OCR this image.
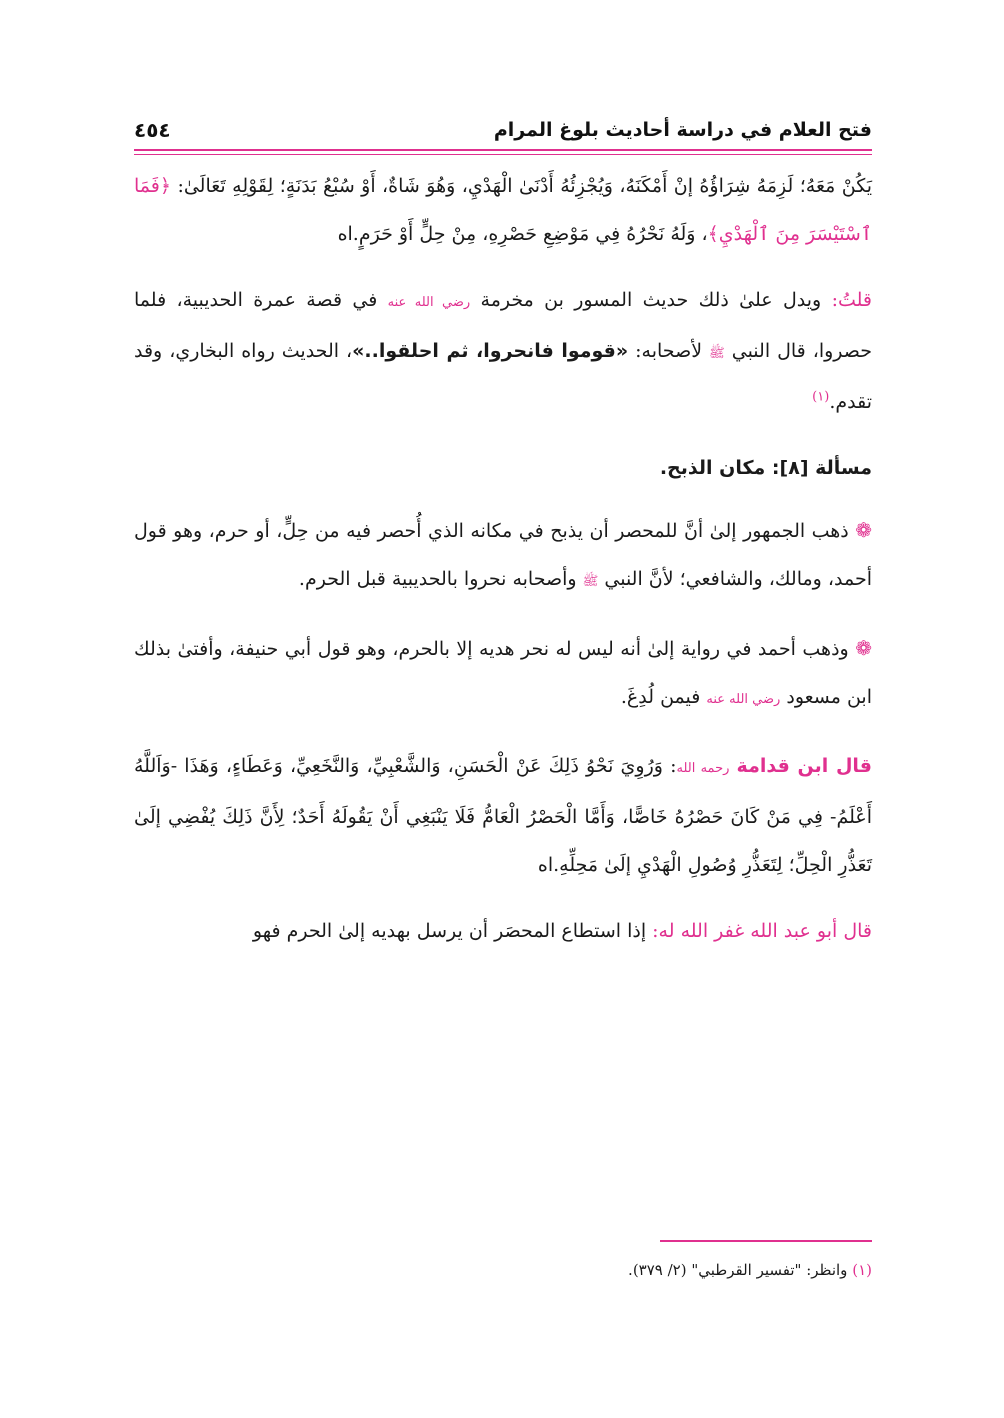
فتح العلام في دراسة أحاديث بلوغ المرام
٤٥٤

يَكُنْ مَعَهُ؛ لَزِمَهُ شِرَاؤُهُ إنْ أَمْكَنَهُ، وَيُجْزِئُهُ أَدْنَىٰ الْهَدْيِ، وَهُوَ شَاةٌ، أَوْ سُبْعُ بَدَنَةٍ؛ لِقَوْلِهِ تَعَالَىٰ: ﴿فَمَا ٱسْتَيْسَرَ مِنَ ٱلْهَدْيِ﴾، وَلَهُ نَحْرُهُ فِي مَوْضِعِ حَصْرِهِ، مِنْ حِلٍّ أَوْ حَرَمٍ.اه

قلتُ: ويدل علىٰ ذلك حديث المسور بن مخرمة رضي الله عنه في قصة عمرة الحديبية، فلما حصروا، قال النبي ﷺ لأصحابه: «قوموا فانحروا، ثم احلقوا..»، الحديث رواه البخاري، وقد تقدم.$^{(١)}$

مسألة [٨]: مكان الذبح.

❁ ذهب الجمهور إلىٰ أنَّ للمحصر أن يذبح في مكانه الذي أُحصر فيه من حِلٍّ، أو حرم، وهو قول أحمد، ومالك، والشافعي؛ لأنَّ النبي ﷺ وأصحابه نحروا بالحديبية قبل الحرم.

❁ وذهب أحمد في رواية إلىٰ أنه ليس له نحر هديه إلا بالحرم، وهو قول أبي حنيفة، وأفتىٰ بذلك ابن مسعود رضي الله عنه فيمن لُدِغَ.

قال ابن قدامة رحمه الله: وَرُوِيَ نَحْوُ ذَلِكَ عَنْ الْحَسَنِ، وَالشَّعْبِيِّ، وَالنَّخَعِيِّ، وَعَطَاءٍ، وَهَذَا -وَاَللَّهُ أَعْلَمُ- فِي مَنْ كَانَ حَصْرُهُ خَاصًّا، وَأَمَّا الْحَصْرُ الْعَامُّ فَلَا يَنْبَغِي أَنْ يَقُولَهُ أَحَدٌ؛ لِأَنَّ ذَلِكَ يُفْضِي إلَىٰ تَعَذُّرِ الْحِلِّ؛ لِتَعَذُّرِ وُصُولِ الْهَدْيِ إلَىٰ مَحِلِّهِ.اه

قال أبو عبد الله غفر الله له: إذا استطاع المحصَر أن يرسل بهديه إلىٰ الحرم فهو

(١) وانظر: "تفسير القرطبي" (٢/ ٣٧٩).
